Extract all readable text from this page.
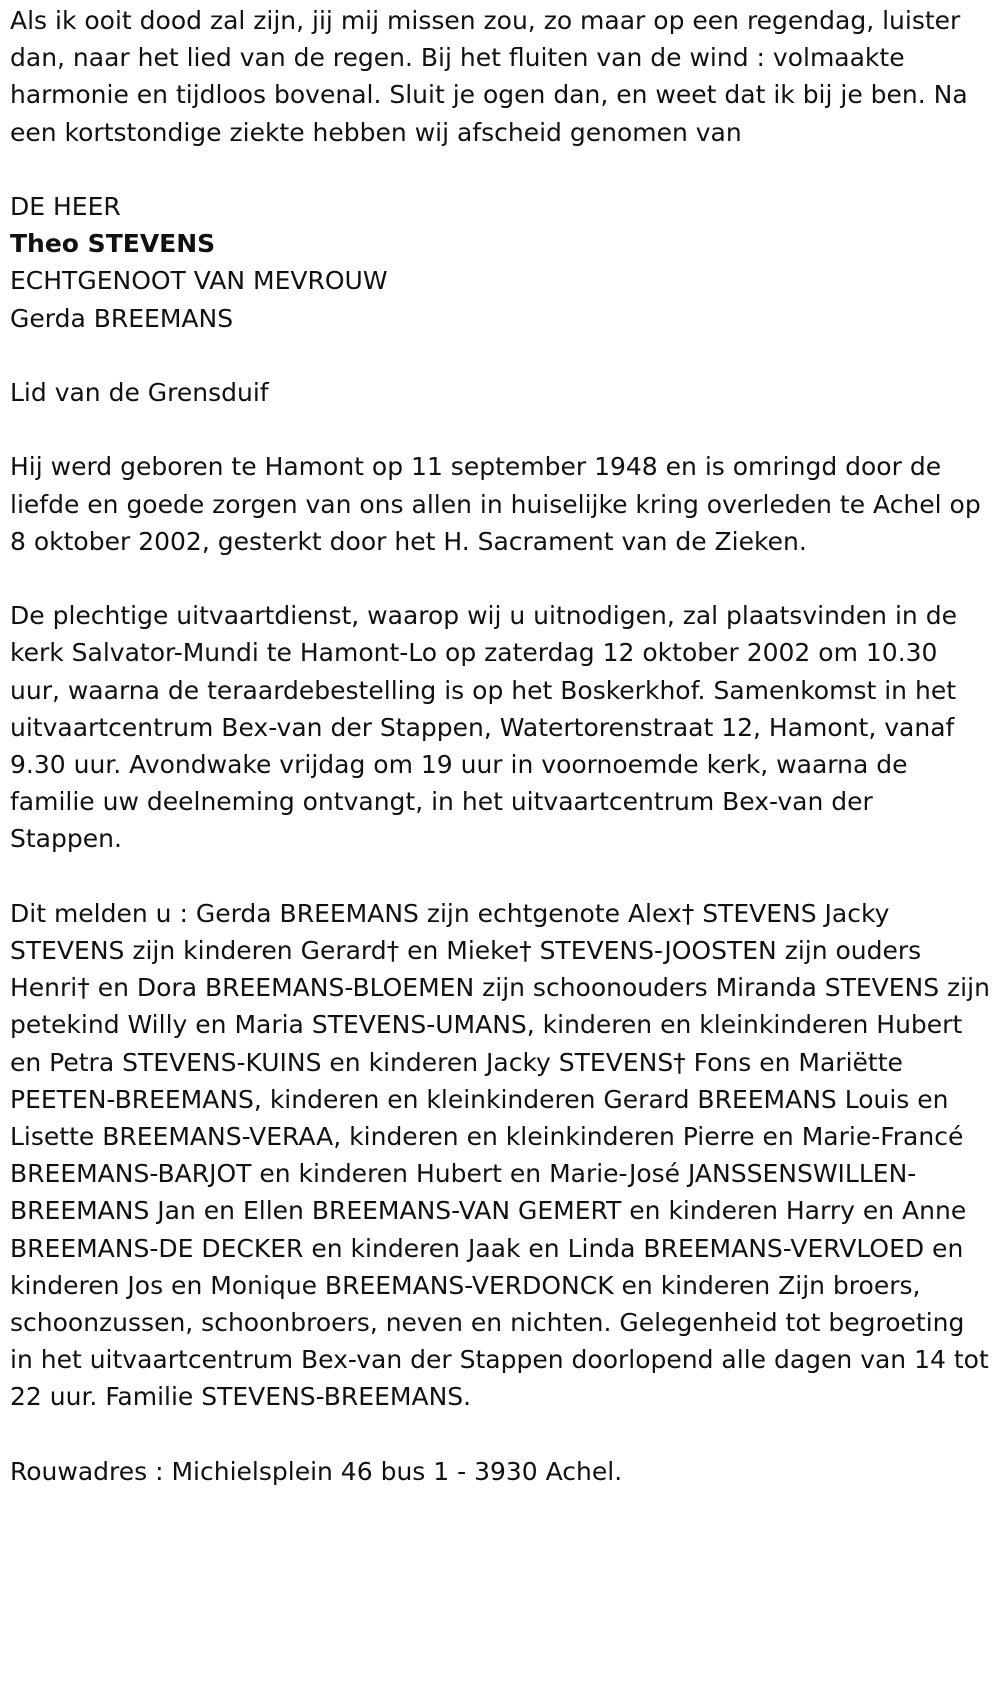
Als ik ooit dood zal zijn, jij mij missen zou, zo maar op een regendag, luister dan, naar het lied van de regen. Bij het fluiten van de wind : volmaakte harmonie en tijdloos bovenal. Sluit je ogen dan, en weet dat ik bij je ben. Na een kortstondige ziekte hebben wij afscheid genomen van

DE HEER
Theo STEVENS
ECHTGENOOT VAN MEVROUW
Gerda BREEMANS
Lid van de Grensduif

Hij werd geboren te Hamont op 11 september 1948 en is omringd door de liefde en goede zorgen van ons allen in huiselijke kring overleden te Achel op 8 oktober 2002, gesterkt door het H. Sacrament van de Zieken.

De plechtige uitvaartdienst, waarop wij u uitnodigen, zal plaatsvinden in de kerk Salvator-Mundi te Hamont-Lo op zaterdag 12 oktober 2002 om 10.30 uur, waarna de teraardebestelling is op het Boskerkhof. Samenkomst in het uitvaartcentrum Bex-van der Stappen, Watertorenstraat 12, Hamont, vanaf 9.30 uur. Avondwake vrijdag om 19 uur in voornoemde kerk, waarna de familie uw deelneming ontvangt, in het uitvaartcentrum Bex-van der Stappen.

Dit melden u : Gerda BREEMANS zijn echtgenote Alex† STEVENS Jacky STEVENS zijn kinderen Gerard† en Mieke† STEVENS-JOOSTEN zijn ouders Henri† en Dora BREEMANS-BLOEMEN zijn schoonouders Miranda STEVENS zijn petekind Willy en Maria STEVENS-UMANS, kinderen en kleinkinderen Hubert en Petra STEVENS-KUINS en kinderen Jacky STEVENS† Fons en Mariëtte PEETEN-BREEMANS, kinderen en kleinkinderen Gerard BREEMANS Louis en Lisette BREEMANS-VERAA, kinderen en kleinkinderen Pierre en Marie-Francé BREEMANS-BARJOT en kinderen Hubert en Marie-José JANSSENSWILLEN-BREEMANS Jan en Ellen BREEMANS-VAN GEMERT en kinderen Harry en Anne BREEMANS-DE DECKER en kinderen Jaak en Linda BREEMANS-VERVLOED en kinderen Jos en Monique BREEMANS-VERDONCK en kinderen Zijn broers, schoonzussen, schoonbroers, neven en nichten. Gelegenheid tot begroeting in het uitvaartcentrum Bex-van der Stappen doorlopend alle dagen van 14 tot 22 uur. Familie STEVENS-BREEMANS.

Rouwadres : Michielsplein 46 bus 1 - 3930 Achel.
